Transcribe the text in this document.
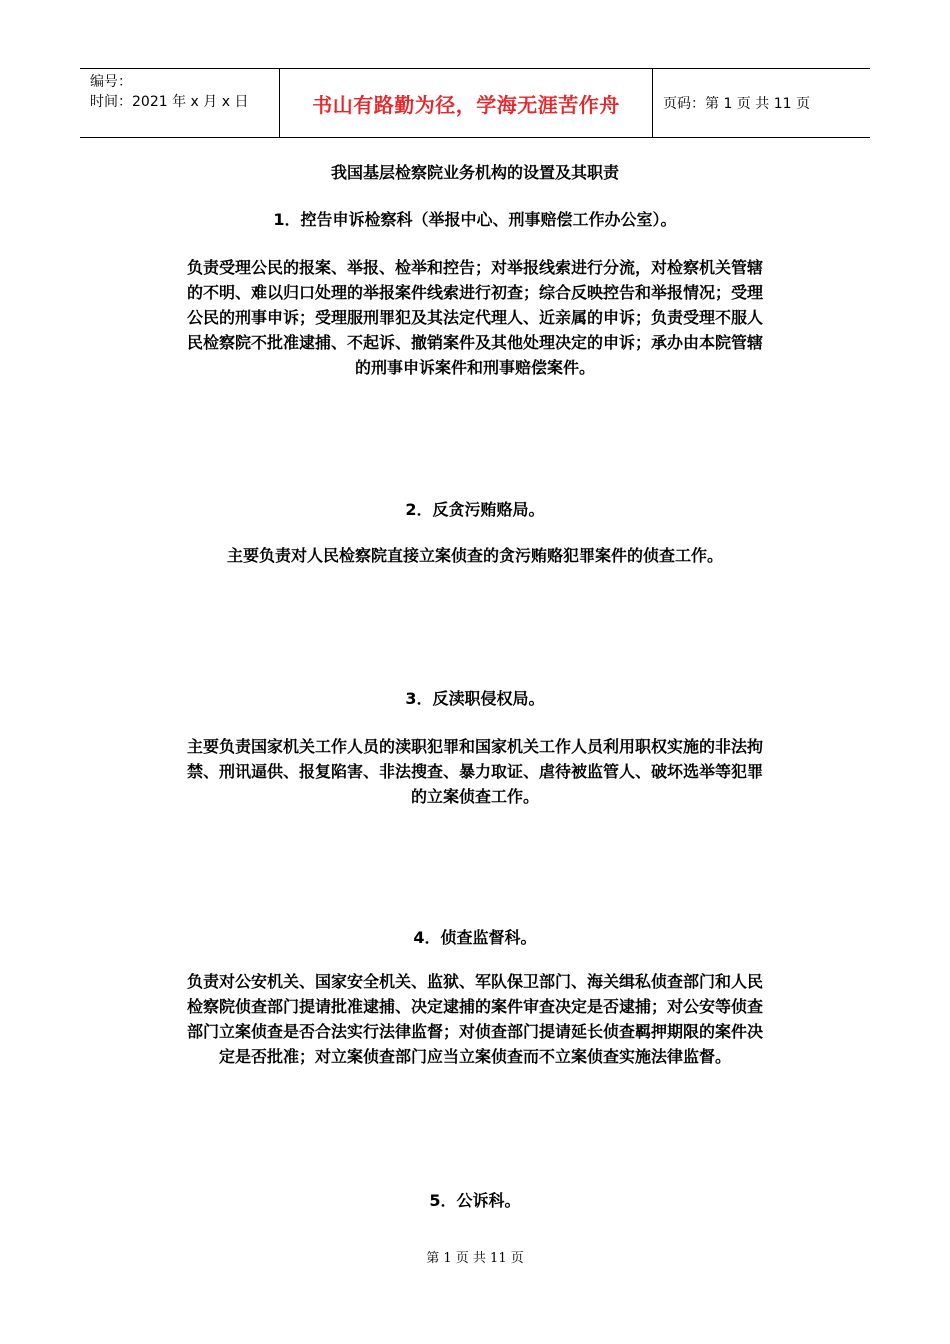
编号：
时间：2021 年 x 月 x 日	书山有路勤为径，学海无涯苦作舟	页码：第 1 页 共 11 页
我国基层检察院业务机构的设置及其职责
1．控告申诉检察科（举报中心、刑事赔偿工作办公室）。
负责受理公民的报案、举报、检举和控告；对举报线索进行分流，对检察机关管辖
的不明、难以归口处理的举报案件线索进行初查；综合反映控告和举报情况；受理
公民的刑事申诉；受理服刑罪犯及其法定代理人、近亲属的申诉；负责受理不服人
民检察院不批准逮捕、不起诉、撤销案件及其他处理决定的申诉；承办由本院管辖
的刑事申诉案件和刑事赔偿案件。
2．反贪污贿赂局。
主要负责对人民检察院直接立案侦查的贪污贿赂犯罪案件的侦查工作。
3．反渎职侵权局。
主要负责国家机关工作人员的渎职犯罪和国家机关工作人员利用职权实施的非法拘
禁、刑讯逼供、报复陷害、非法搜查、暴力取证、虐待被监管人、破坏选举等犯罪
的立案侦查工作。
4．侦查监督科。
负责对公安机关、国家安全机关、监狱、军队保卫部门、海关缉私侦查部门和人民
检察院侦查部门提请批准逮捕、决定逮捕的案件审查决定是否逮捕；对公安等侦查
部门立案侦查是否合法实行法律监督；对侦查部门提请延长侦查羁押期限的案件决
定是否批准；对立案侦查部门应当立案侦查而不立案侦查实施法律监督。
5．公诉科。
第 1 页 共 11 页
